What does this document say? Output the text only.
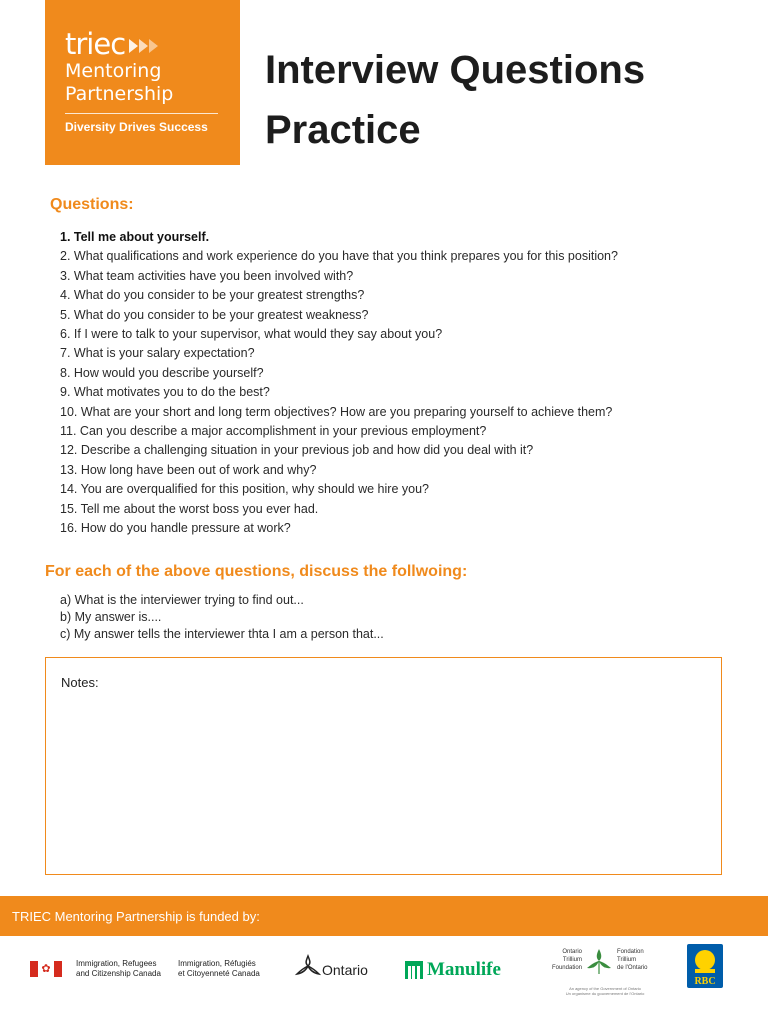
triec
Mentoring
Partnership
Diversity Drives Success
Interview Questions
Practice
Questions:
1. Tell me about yourself.
2. What qualifications and work experience do you have that you think prepares you for this position?
3. What team activities have you been involved with?
4. What do you consider to be your greatest strengths?
5. What do you consider to be your greatest weakness?
6. If I were to talk to your supervisor, what would they say about you?
7. What is your salary expectation?
8. How would you describe yourself?
9. What motivates you to do the best?
10. What are your short and long term objectives? How are you preparing yourself to achieve them?
11. Can you describe a major accomplishment in your previous employment?
12. Describe a challenging situation in your previous job and how did you deal with it?
13. How long have been out of work and why?
14. You are overqualified for this position, why should we hire you?
15. Tell me about the worst boss you ever had.
16. How do you handle pressure at work?
For each of the above questions, discuss the follwoing:
a) What is the interviewer trying to find out...
b) My answer is....
c) My answer tells the interviewer thta I am a person that...
Notes:
TRIEC Mentoring Partnership is funded by:
✿	Immigration, Refugees
and Citizenship Canada
Immigration, Réfugiés
et Citoyenneté Canada	Ontario	Manulife
Ontario
Trillium
Foundation
Fondation
Trillium
de l'Ontario
An agency of the Government of Ontario
Un organisme du gouvernement de l'Ontario
RBC
